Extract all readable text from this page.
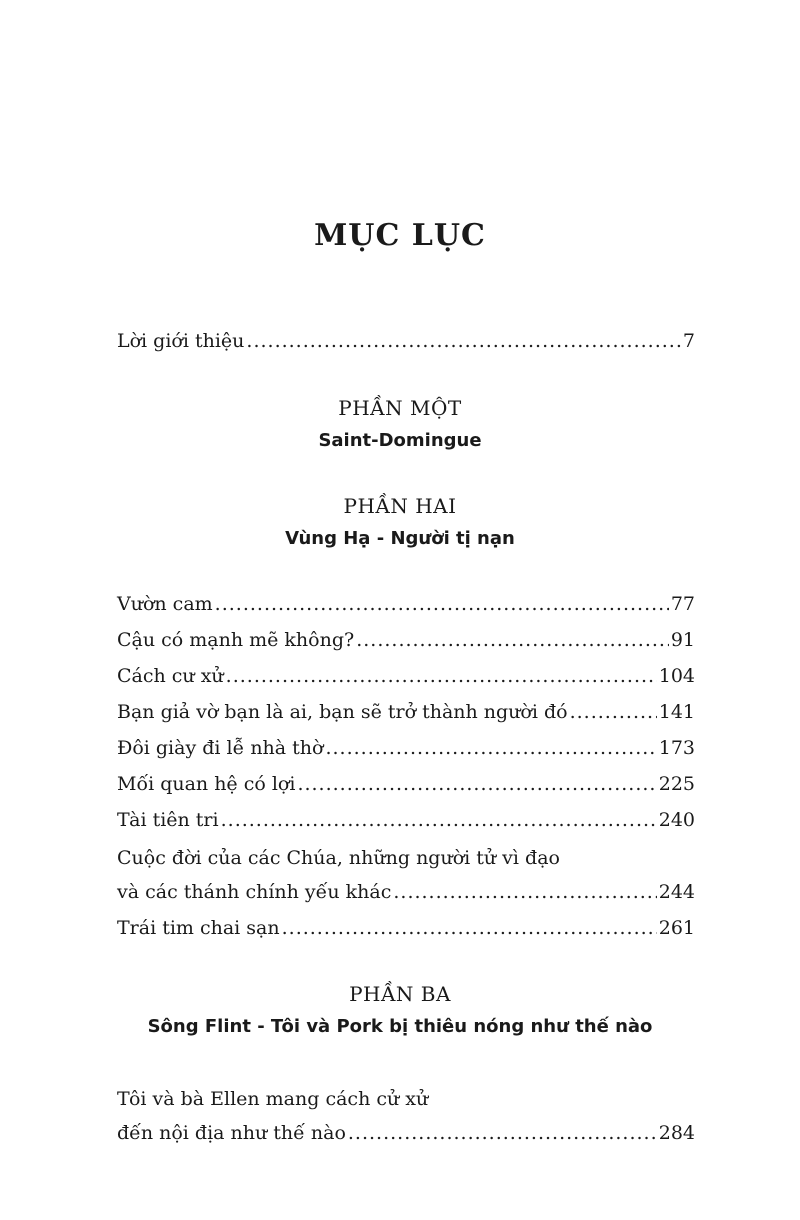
MỤC LỤC
Lời giới thiệu .....	7
PHẦN MỘT
Saint-Domingue
PHẦN HAI
Vùng Hạ - Người tị nạn
Vườn cam .....	77
Cậu có mạnh mẽ không? .....	91
Cách cư xử .....	104
Bạn giả vờ bạn là ai, bạn sẽ trở thành người đó .....	141
Đôi giày đi lễ nhà thờ .....	173
Mối quan hệ có lợi .....	225
Tài tiên tri .....	240
Cuộc đời của các Chúa, những người tử vì đạo
và các thánh chính yếu khác .....	244
Trái tim chai sạn .....	261
PHẦN BA
Sông Flint - Tôi và Pork bị thiêu nóng như thế nào
Tôi và bà Ellen mang cách cử xử
đến nội địa như thế nào .....	284
